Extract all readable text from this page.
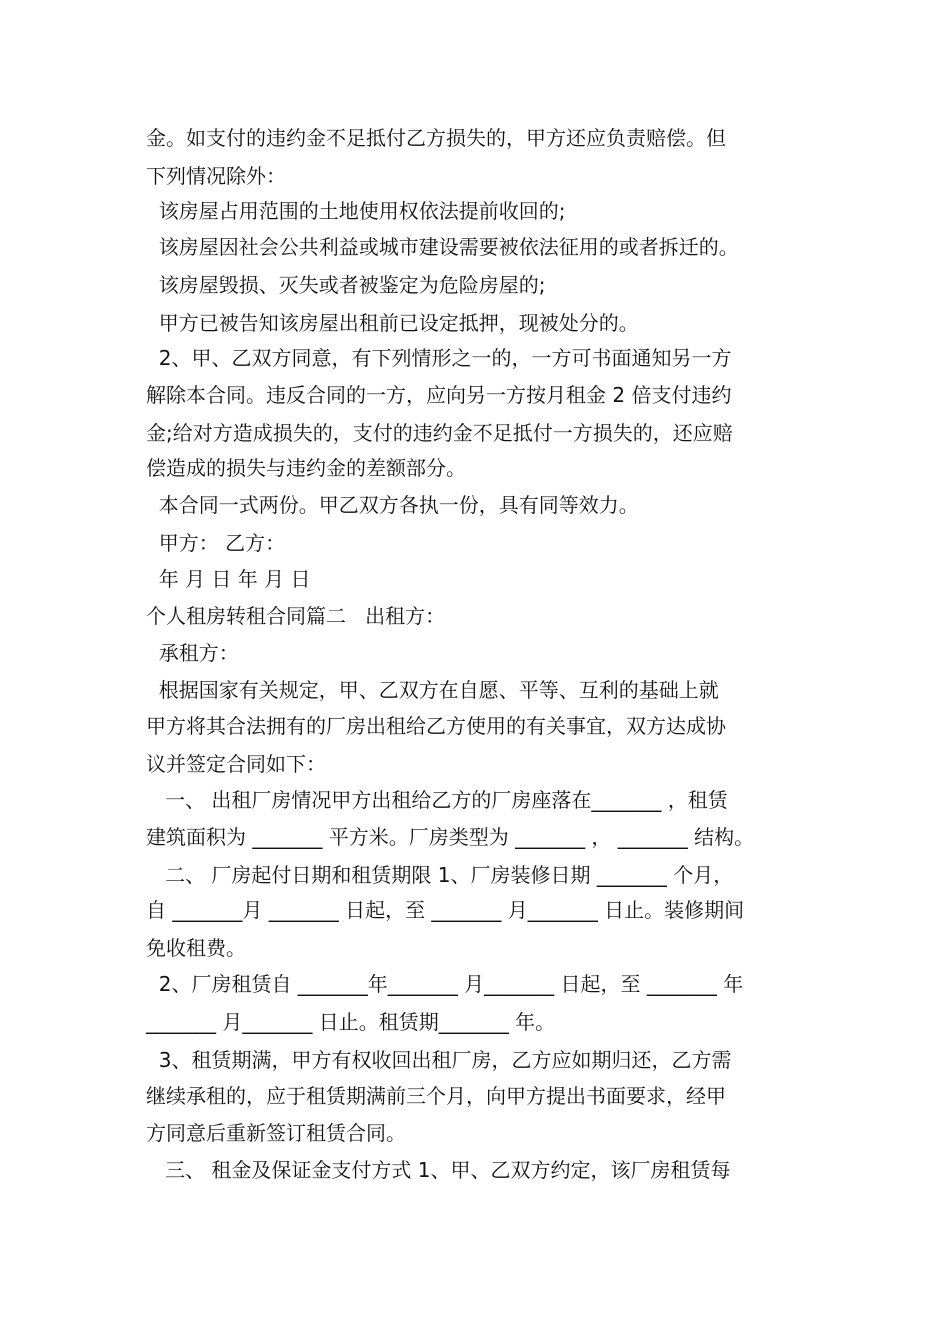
金。如支付的违约金不足抵付乙方损失的，甲方还应负责赔偿。但
下列情况除外：
该房屋占用范围的土地使用权依法提前收回的;
该房屋因社会公共利益或城市建设需要被依法征用的或者拆迁的。
该房屋毁损、灭失或者被鉴定为危险房屋的;
甲方已被告知该房屋出租前已设定抵押，现被处分的。
2、甲、乙双方同意，有下列情形之一的，一方可书面通知另一方
解除本合同。违反合同的一方，应向另一方按月租金 2 倍支付违约
金;给对方造成损失的，支付的违约金不足抵付一方损失的，还应赔
偿造成的损失与违约金的差额部分。
本合同一式两份。甲乙双方各执一份，具有同等效力。
甲方： 乙方：
年 月 日 年 月 日
个人租房转租合同篇二   出租方：
承租方：
根据国家有关规定，甲、乙双方在自愿、平等、互利的基础上就
甲方将其合法拥有的厂房出租给乙方使用的有关事宜，双方达成协
议并签定合同如下：
一、 出租厂房情况甲方出租给乙方的厂房座落在_______ ，租赁
建筑面积为 _______ 平方米。厂房类型为 _______ ， _______ 结构。
二、 厂房起付日期和租赁期限 1、厂房装修日期 _______ 个月，
自 _______月 _______ 日起，至 _______ 月_______ 日止。装修期间
免收租费。
2、厂房租赁自 _______年_______ 月_______ 日起，至 _______ 年
_______ 月_______ 日止。租赁期_______ 年。
3、租赁期满，甲方有权收回出租厂房，乙方应如期归还，乙方需
继续承租的，应于租赁期满前三个月，向甲方提出书面要求，经甲
方同意后重新签订租赁合同。
三、 租金及保证金支付方式 1、甲、乙双方约定，该厂房租赁每
